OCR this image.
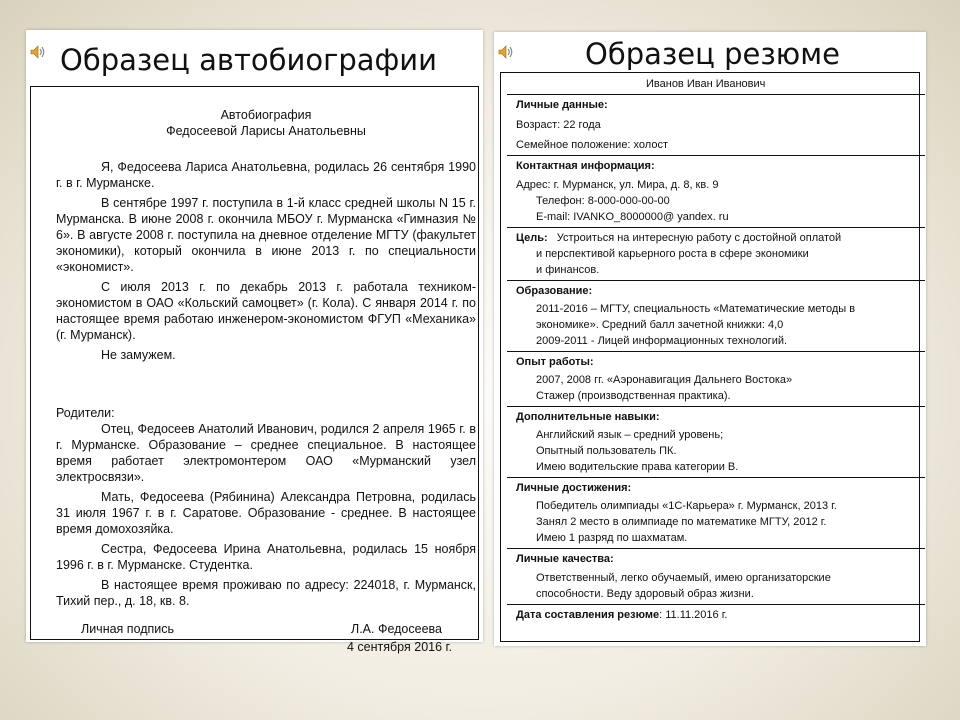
Образец автобиографии

Автобиография

Федосеевой Ларисы Анатольевны

Я, Федосеева Лариса Анатольевна, родилась 26 сентября 1990 г. в г. Мурманске.

В сентябре 1997 г. поступила в 1-й класс средней школы N 15 г. Мурманска. В июне 2008 г. окончила МБОУ г. Мурманска «Гимназия № 6». В августе 2008 г. поступила на дневное отделение МГТУ (факультет экономики), который окончила в июне 2013 г. по специальности «экономист».

С июля 2013 г. по декабрь 2013 г. работала техником-экономистом в ОАО «Кольский самоцвет» (г. Кола). С января 2014 г. по настоящее время работаю инженером-экономистом ФГУП «Механика» (г. Мурманск).

Не замужем.

Родители:

Отец, Федосеев Анатолий Иванович, родился 2 апреля 1965 г. в г. Мурманске. Образование – среднее специальное. В настоящее время работает электромонтером ОАО «Мурманский узел электросвязи».

Мать, Федосеева (Рябинина) Александра Петровна, родилась 31 июля 1967 г. в г. Саратове. Образование - среднее. В настоящее время домохозяйка.

Сестра, Федосеева Ирина Анатольевна, родилась 15 ноября 1996 г. в г. Мурманске. Студентка.

В настоящее время проживаю по адресу: 224018, г. Мурманск, Тихий пер., д. 18, кв. 8.

Личная подпись	Л.А. Федосеева
4 сентября 2016 г.
Образец резюме
Иванов Иван Иванович
Личные данные:
Возраст: 22 года
Семейное положение: холост
Контактная информация:
Адрес: г. Мурманск, ул. Мира, д. 8, кв. 9
Телефон: 8-000-000-00-00
E-mail: IVANKO_8000000@ yandex. ru
Цель: Устроиться на интересную работу с достойной оплатой
и перспективой карьерного роста в сфере экономики
и финансов.
Образование:
2011-2016 – МГТУ, специальность «Математические методы в
экономике». Средний балл зачетной книжки: 4,0
2009-2011 - Лицей информационных технологий.
Опыт работы:
2007, 2008 гг. «Аэронавигация Дальнего Востока»
Стажер (производственная практика).
Дополнительные навыки:
Английский язык – средний уровень;
Опытный пользователь ПК.
Имею водительские права категории В.
Личные достижения:
Победитель олимпиады «1С-Карьера» г. Мурманск, 2013 г.
Занял 2 место в олимпиаде по математике МГТУ, 2012 г.
Имею 1 разряд по шахматам.
Личные качества:
Ответственный, легко обучаемый, имею организаторские
способности. Веду здоровый образ жизни.
Дата составления резюме: 11.11.2016 г.
